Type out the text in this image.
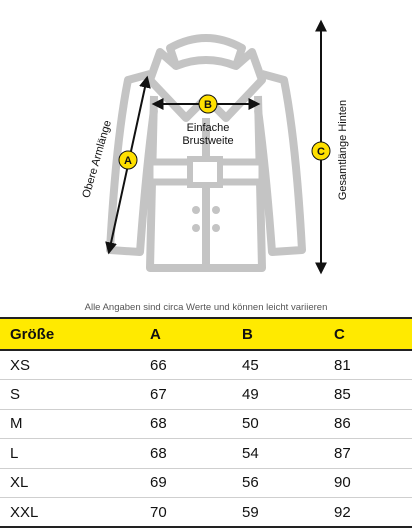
A
Obere Armlänge
B
Einfache
Brustweite
C Gesamtlänge Hinten
Alle Angaben sind circa Werte und können leicht variieren
Größe	A	B	C
XS	66	45	81
S	67	49	85
M	68	50	86
L	68	54	87
XL	69	56	90
XXL	70	59	92
